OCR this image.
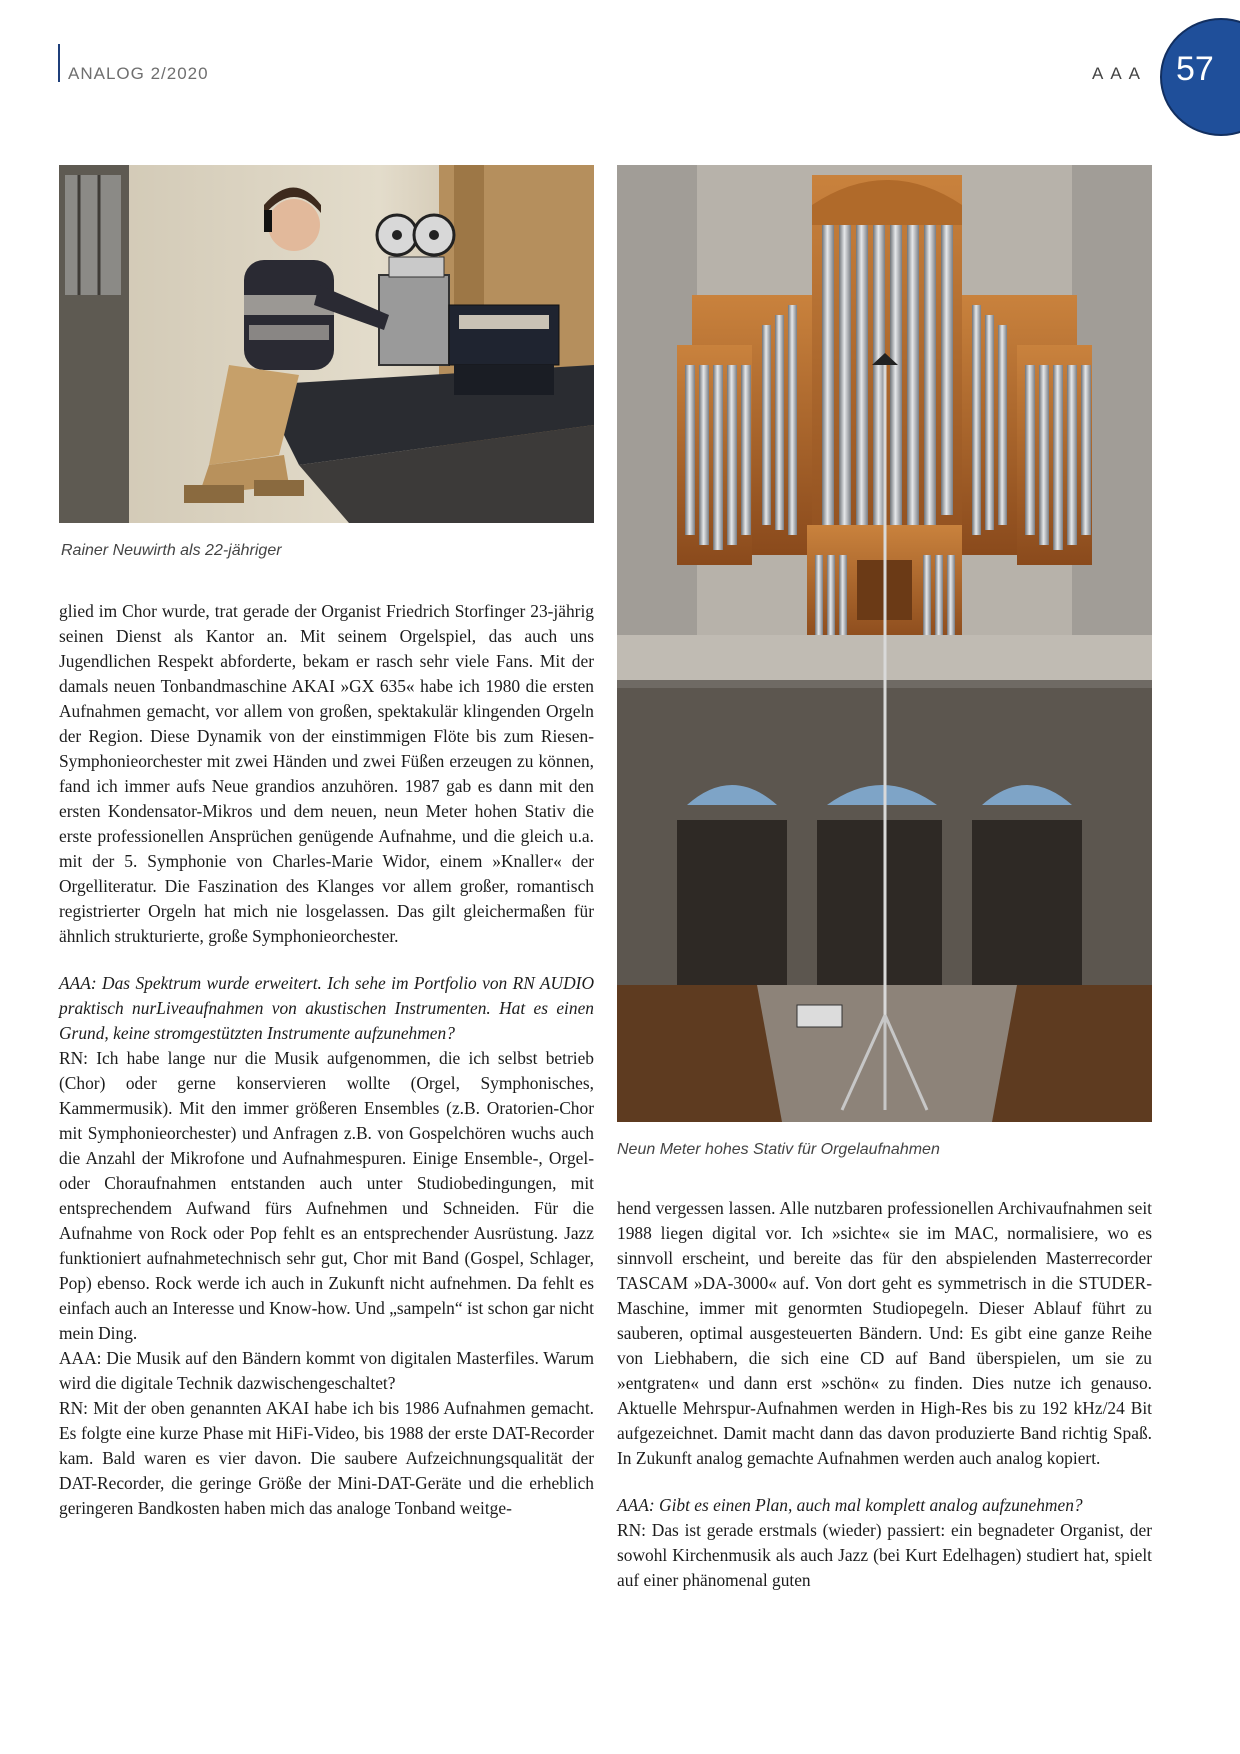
ANALOG 2/2020	AAA 57
Rainer Neuwirth als 22-jähriger
Neun Meter hohes Stativ für Orgelaufnahmen

glied im Chor wurde, trat gerade der Organist Friedrich Storfinger 23-jährig seinen Dienst als Kantor an. Mit seinem Orgelspiel, das auch uns Jugendlichen Respekt abforderte, bekam er rasch sehr viele Fans. Mit der damals neuen Tonbandmaschine AKAI »GX 635« habe ich 1980 die ersten Aufnahmen gemacht, vor allem von großen, spektakulär klingenden Orgeln der Region. Diese Dynamik von der einstimmigen Flöte bis zum Riesen-Symphonieorchester mit zwei Händen und zwei Füßen erzeugen zu können, fand ich immer aufs Neue grandios anzuhören. 1987 gab es dann mit den ersten Kondensator-Mikros und dem neuen, neun Meter hohen Stativ die erste professionellen Ansprüchen genügende Aufnahme, und die gleich u.a. mit der 5. Symphonie von Charles-Marie Widor, einem »Knaller« der Orgelliteratur. Die Faszination des Klanges vor allem großer, romantisch registrierter Orgeln hat mich nie losgelassen. Das gilt gleichermaßen für ähnlich strukturierte, große Symphonieorchester.

AAA: Das Spektrum wurde erweitert. Ich sehe im Portfolio von RN AUDIO praktisch nurLiveaufnahmen von akustischen Instrumenten. Hat es einen Grund, keine stromgestützten Instrumente aufzunehmen?

RN: Ich habe lange nur die Musik aufgenommen, die ich selbst betrieb (Chor) oder gerne konservieren wollte (Orgel, Symphonisches, Kammermusik). Mit den immer größeren Ensembles (z.B. Oratorien-Chor mit Symphonieorchester) und Anfragen z.B. von Gospelchören wuchs auch die Anzahl der Mikrofone und Aufnahmespuren. Einige Ensemble-, Orgel- oder Choraufnahmen entstanden auch unter Studiobedingungen, mit entsprechendem Aufwand fürs Aufnehmen und Schneiden. Für die Aufnahme von Rock oder Pop fehlt es an entsprechender Ausrüstung. Jazz funktioniert aufnahmetechnisch sehr gut, Chor mit Band (Gospel, Schlager, Pop) ebenso. Rock werde ich auch in Zukunft nicht aufnehmen. Da fehlt es einfach auch an Interesse und Know-how. Und „sampeln“ ist schon gar nicht mein Ding.

AAA: Die Musik auf den Bändern kommt von digitalen Masterfiles. Warum wird die digitale Technik dazwischengeschaltet?

RN: Mit der oben genannten AKAI habe ich bis 1986 Aufnahmen gemacht. Es folgte eine kurze Phase mit HiFi-Video, bis 1988 der erste DAT-Recorder kam. Bald waren es vier davon. Die saubere Aufzeichnungsqualität der DAT-Recorder, die geringe Größe der Mini-DAT-Geräte und die erheblich geringeren Bandkosten haben mich das analoge Tonband weitge-

hend vergessen lassen. Alle nutzbaren professionellen Archivaufnahmen seit 1988 liegen digital vor. Ich »sichte« sie im MAC, normalisiere, wo es sinnvoll erscheint, und bereite das für den abspielenden Masterrecorder TASCAM »DA-3000« auf. Von dort geht es symmetrisch in die STUDER-Maschine, immer mit genormten Studiopegeln. Dieser Ablauf führt zu sauberen, optimal ausgesteuerten Bändern. Und: Es gibt eine ganze Reihe von Liebhabern, die sich eine CD auf Band überspielen, um sie zu »entgraten« und dann erst »schön« zu finden. Dies nutze ich genauso. Aktuelle Mehrspur-Aufnahmen werden in High-Res bis zu 192 kHz/24 Bit aufgezeichnet. Damit macht dann das davon produzierte Band richtig Spaß. In Zukunft analog gemachte Aufnahmen werden auch analog kopiert.

AAA: Gibt es einen Plan, auch mal komplett analog aufzunehmen?

RN: Das ist gerade erstmals (wieder) passiert: ein begnadeter Organist, der sowohl Kirchenmusik als auch Jazz (bei Kurt Edelhagen) studiert hat, spielt auf einer phänomenal guten
